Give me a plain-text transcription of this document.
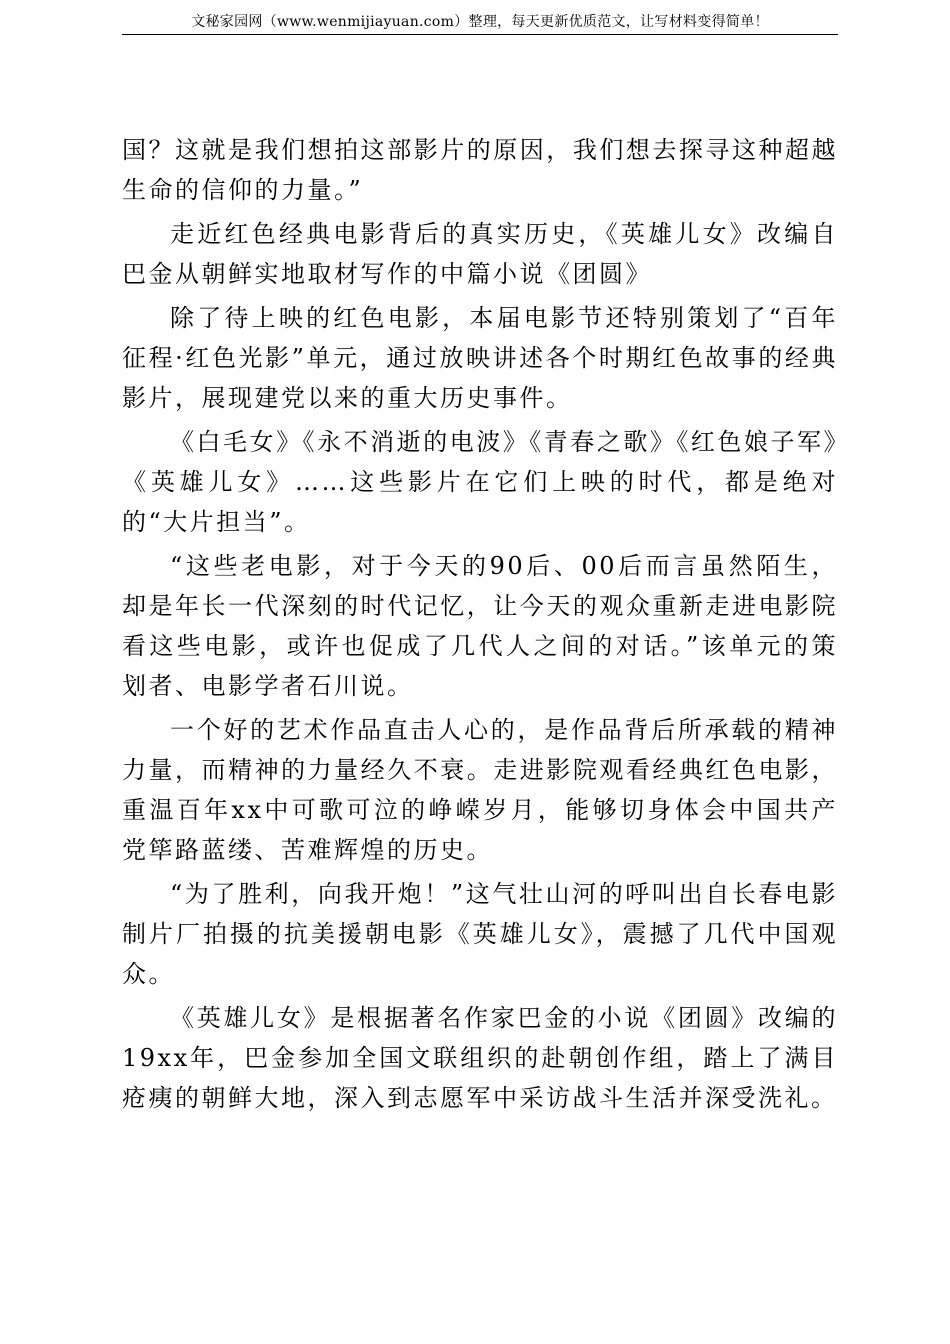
文秘家园网（www.wenmijiayuan.com）整理，每天更新优质范文，让写材料变得简单！

国？这就是我们想拍这部影片的原因，我们想去探寻这种超越生命的信仰的力量。”

走近红色经典电影背后的真实历史，《英雄儿女》改编自巴金从朝鲜实地取材写作的中篇小说《团圆》

除了待上映的红色电影，本届电影节还特别策划了“百年征程·红色光影”单元，通过放映讲述各个时期红色故事的经典影片，展现建党以来的重大历史事件。

《白毛女》《永不消逝的电波》《青春之歌》《红色娘子军》《英雄儿女》……这些影片在它们上映的时代，都是绝对的“大片担当”。

“这些老电影，对于今天的90后、00后而言虽然陌生，却是年长一代深刻的时代记忆，让今天的观众重新走进电影院看这些电影，或许也促成了几代人之间的对话。”该单元的策划者、电影学者石川说。

一个好的艺术作品直击人心的，是作品背后所承载的精神力量，而精神的力量经久不衰。走进影院观看经典红色电影，重温百年xx中可歌可泣的峥嵘岁月，能够切身体会中国共产党筚路蓝缕、苦难辉煌的历史。

“为了胜利，向我开炮！”这气壮山河的呼叫出自长春电影制片厂拍摄的抗美援朝电影《英雄儿女》，震撼了几代中国观众。

《英雄儿女》是根据著名作家巴金的小说《团圆》改编的19xx年，巴金参加全国文联组织的赴朝创作组，踏上了满目疮痍的朝鲜大地，深入到志愿军中采访战斗生活并深受洗礼。
